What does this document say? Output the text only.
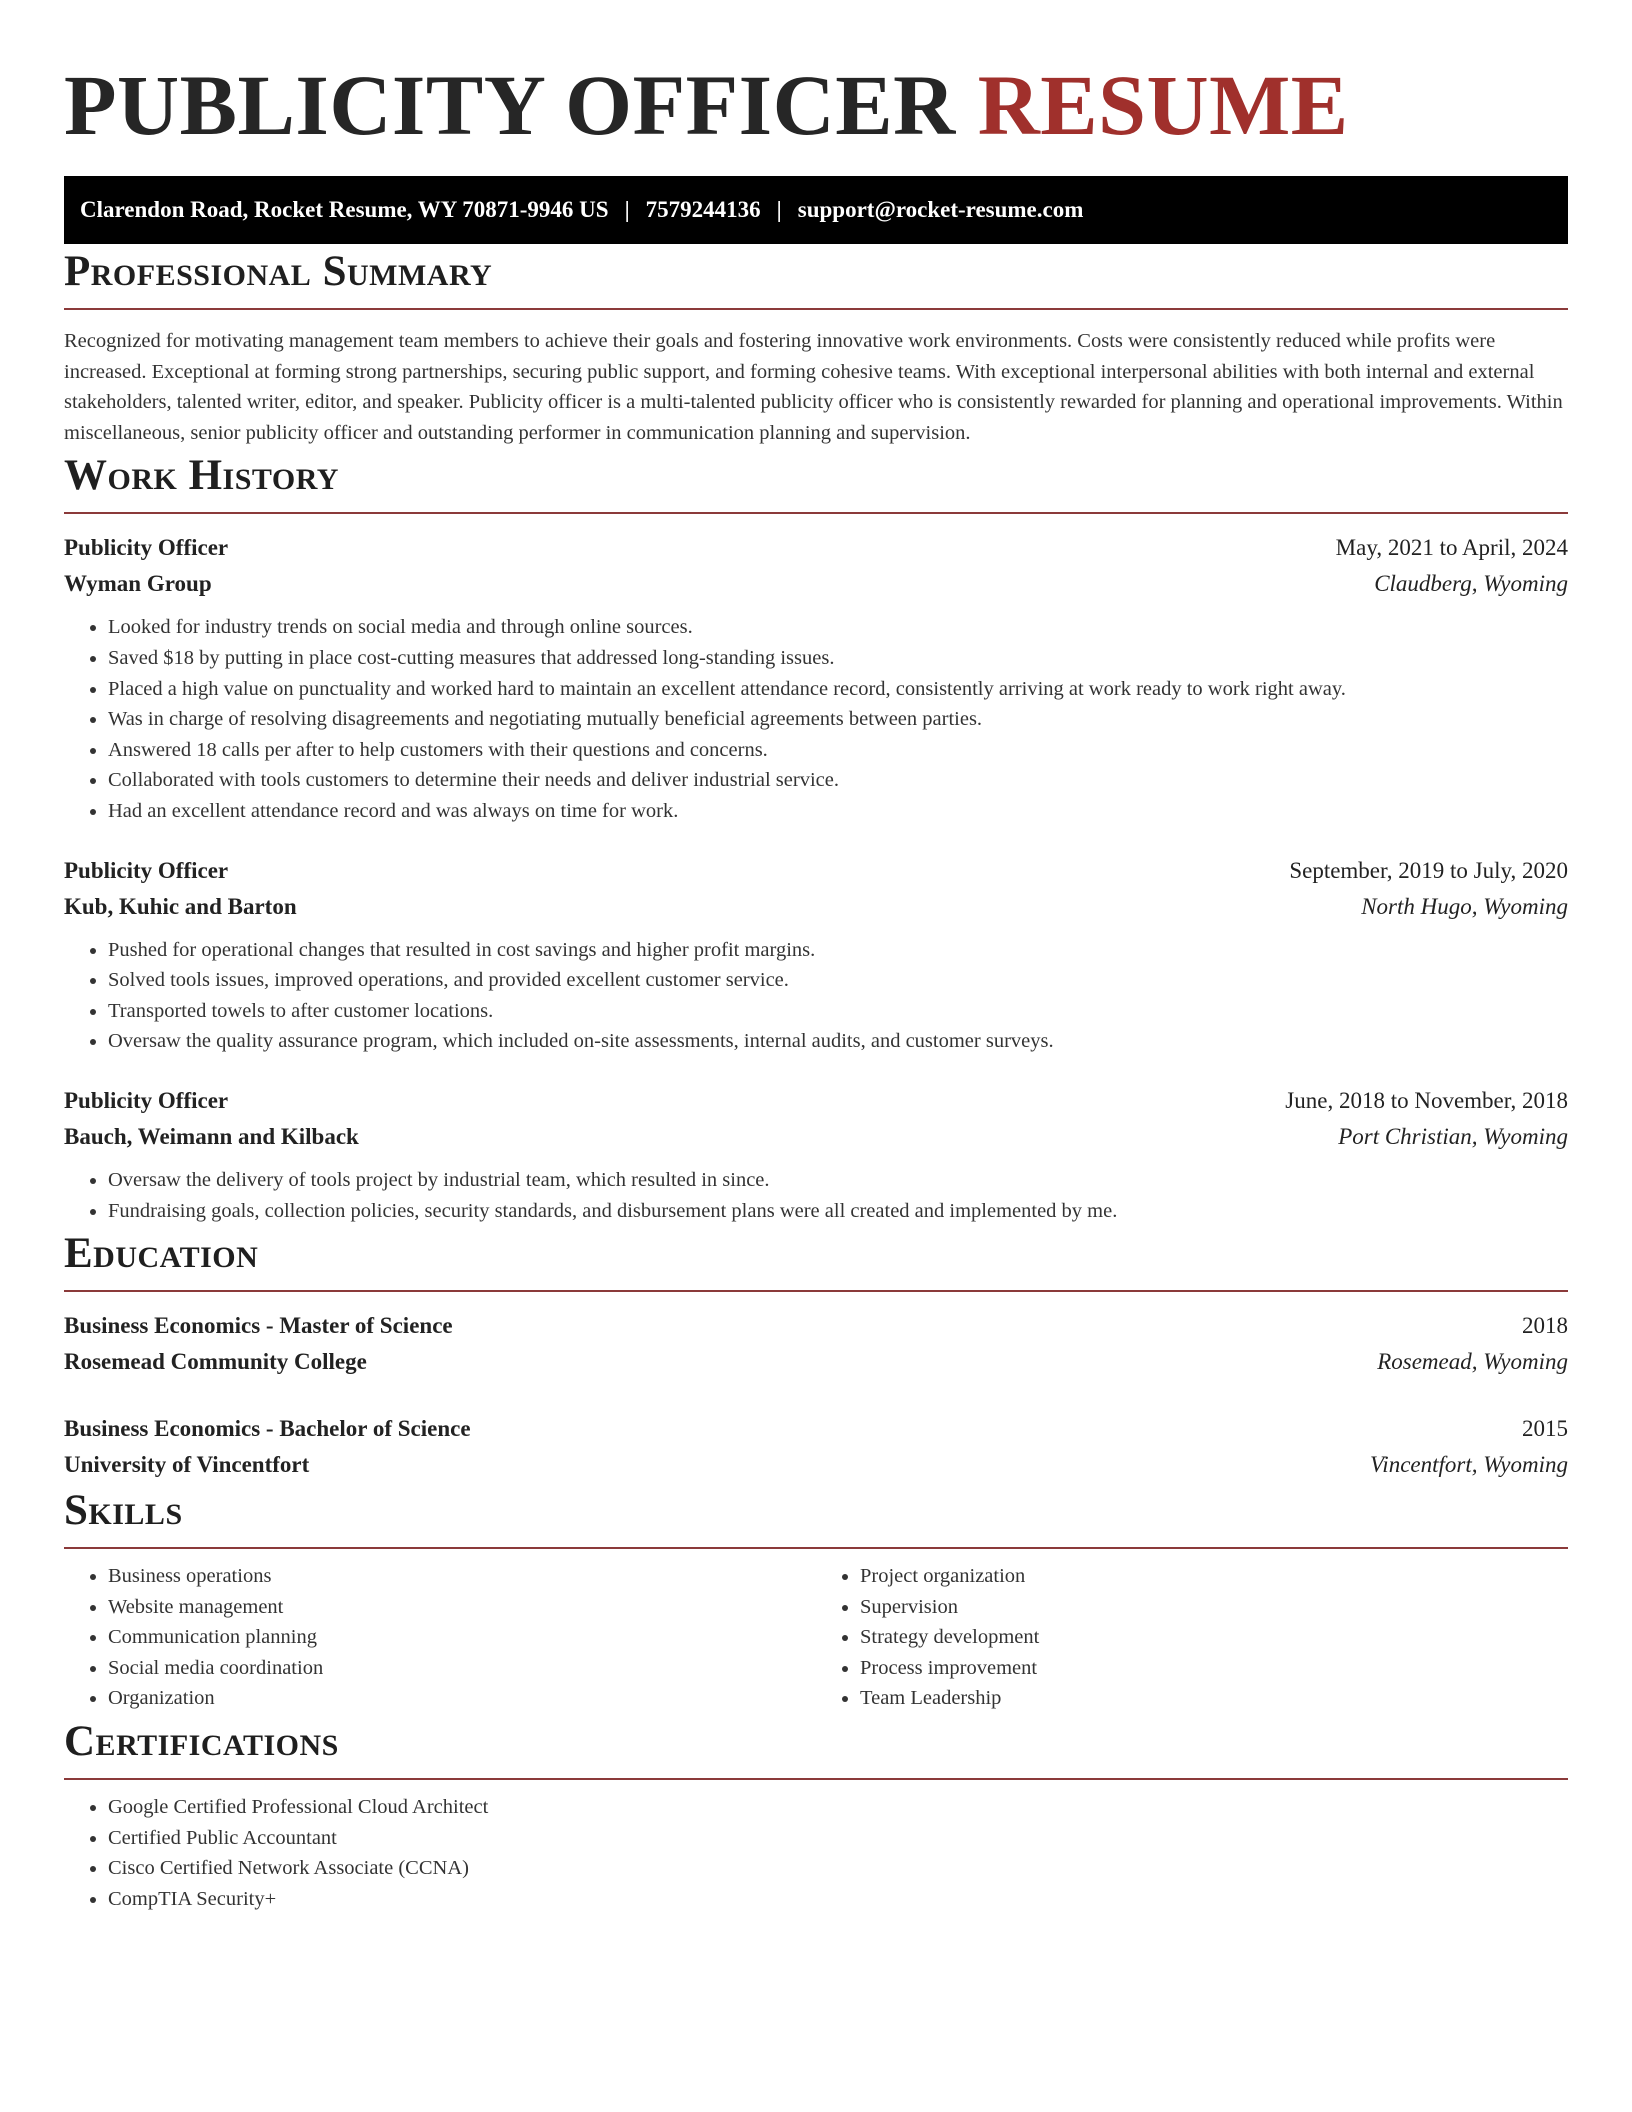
PUBLICITY OFFICER RESUME
Clarendon Road, Rocket Resume, WY 70871-9946 US | 7579244136 | support@rocket-resume.com
Professional Summary

Recognized for motivating management team members to achieve their goals and fostering innovative work environments. Costs were consistently reduced while profits were increased. Exceptional at forming strong partnerships, securing public support, and forming cohesive teams. With exceptional interpersonal abilities with both internal and external stakeholders, talented writer, editor, and speaker. Publicity officer is a multi-talented publicity officer who is consistently rewarded for planning and operational improvements. Within miscellaneous, senior publicity officer and outstanding performer in communication planning and supervision.

Work History
Publicity Officer	May, 2021 to April, 2024
Wyman Group	Claudberg, Wyoming
• Looked for industry trends on social media and through online sources.
• Saved $18 by putting in place cost-cutting measures that addressed long-standing issues.
• Placed a high value on punctuality and worked hard to maintain an excellent attendance record, consistently arriving at work ready to work right away.
• Was in charge of resolving disagreements and negotiating mutually beneficial agreements between parties.
• Answered 18 calls per after to help customers with their questions and concerns.
• Collaborated with tools customers to determine their needs and deliver industrial service.
• Had an excellent attendance record and was always on time for work.
Publicity Officer	September, 2019 to July, 2020
Kub, Kuhic and Barton	North Hugo, Wyoming
• Pushed for operational changes that resulted in cost savings and higher profit margins.
• Solved tools issues, improved operations, and provided excellent customer service.
• Transported towels to after customer locations.
• Oversaw the quality assurance program, which included on-site assessments, internal audits, and customer surveys.
Publicity Officer	June, 2018 to November, 2018
Bauch, Weimann and Kilback	Port Christian, Wyoming
• Oversaw the delivery of tools project by industrial team, which resulted in since.
• Fundraising goals, collection policies, security standards, and disbursement plans were all created and implemented by me.
Education
Business Economics - Master of Science	2018
Rosemead Community College	Rosemead, Wyoming
Business Economics - Bachelor of Science	2015
University of Vincentfort	Vincentfort, Wyoming
Skills
• Business operations
• Website management
• Communication planning
• Social media coordination
• Organization
• Project organization
• Supervision
• Strategy development
• Process improvement
• Team Leadership
Certifications
• Google Certified Professional Cloud Architect
• Certified Public Accountant
• Cisco Certified Network Associate (CCNA)
• CompTIA Security+
